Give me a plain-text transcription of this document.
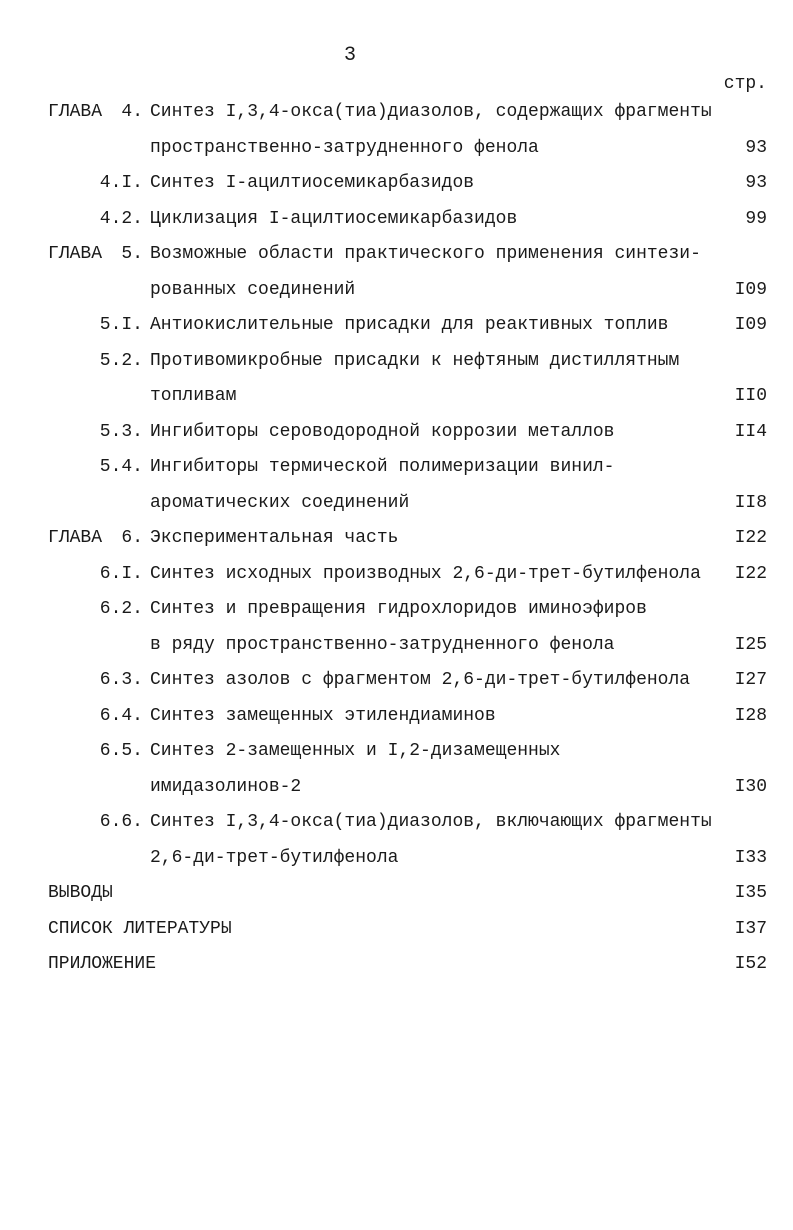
3
стр.
ГЛАВА 4. Синтез I,3,4-окса(тиа)диазолов, содержащих фрагменты
пространственно-затрудненного фенола	93
4.I. Синтез I-ацилтиосемикарбазидов	93
4.2. Циклизация I-ацилтиосемикарбазидов	99
ГЛАВА 5. Возможные области практического применения синтези-
рованных соединений	I09
5.I. Антиокислительные присадки для реактивных топлив	I09
5.2. Противомикробные присадки к нефтяным дистиллятным
топливам	II0
5.3. Ингибиторы сероводородной коррозии металлов	II4
5.4. Ингибиторы термической полимеризации винил-
ароматических соединений	II8
ГЛАВА 6. Экспериментальная часть	I22
6.I. Синтез исходных производных 2,6-ди-трет-бутилфенола I22
6.2. Синтез и превращения гидрохлоридов иминоэфиров
в ряду пространственно-затрудненного фенола	I25
6.3. Синтез азолов с фрагментом 2,6-ди-трет-бутилфенола I27
6.4. Синтез замещенных этилендиаминов	I28
6.5. Синтез 2-замещенных и I,2-дизамещенных
имидазолинов-2	I30
6.6. Синтез I,3,4-окса(тиа)диазолов, включающих фрагменты
2,6-ди-трет-бутилфенола	I33
ВЫВОДЫ	I35
СПИСОК ЛИТЕРАТУРЫ	I37
ПРИЛОЖЕНИЕ	I52
